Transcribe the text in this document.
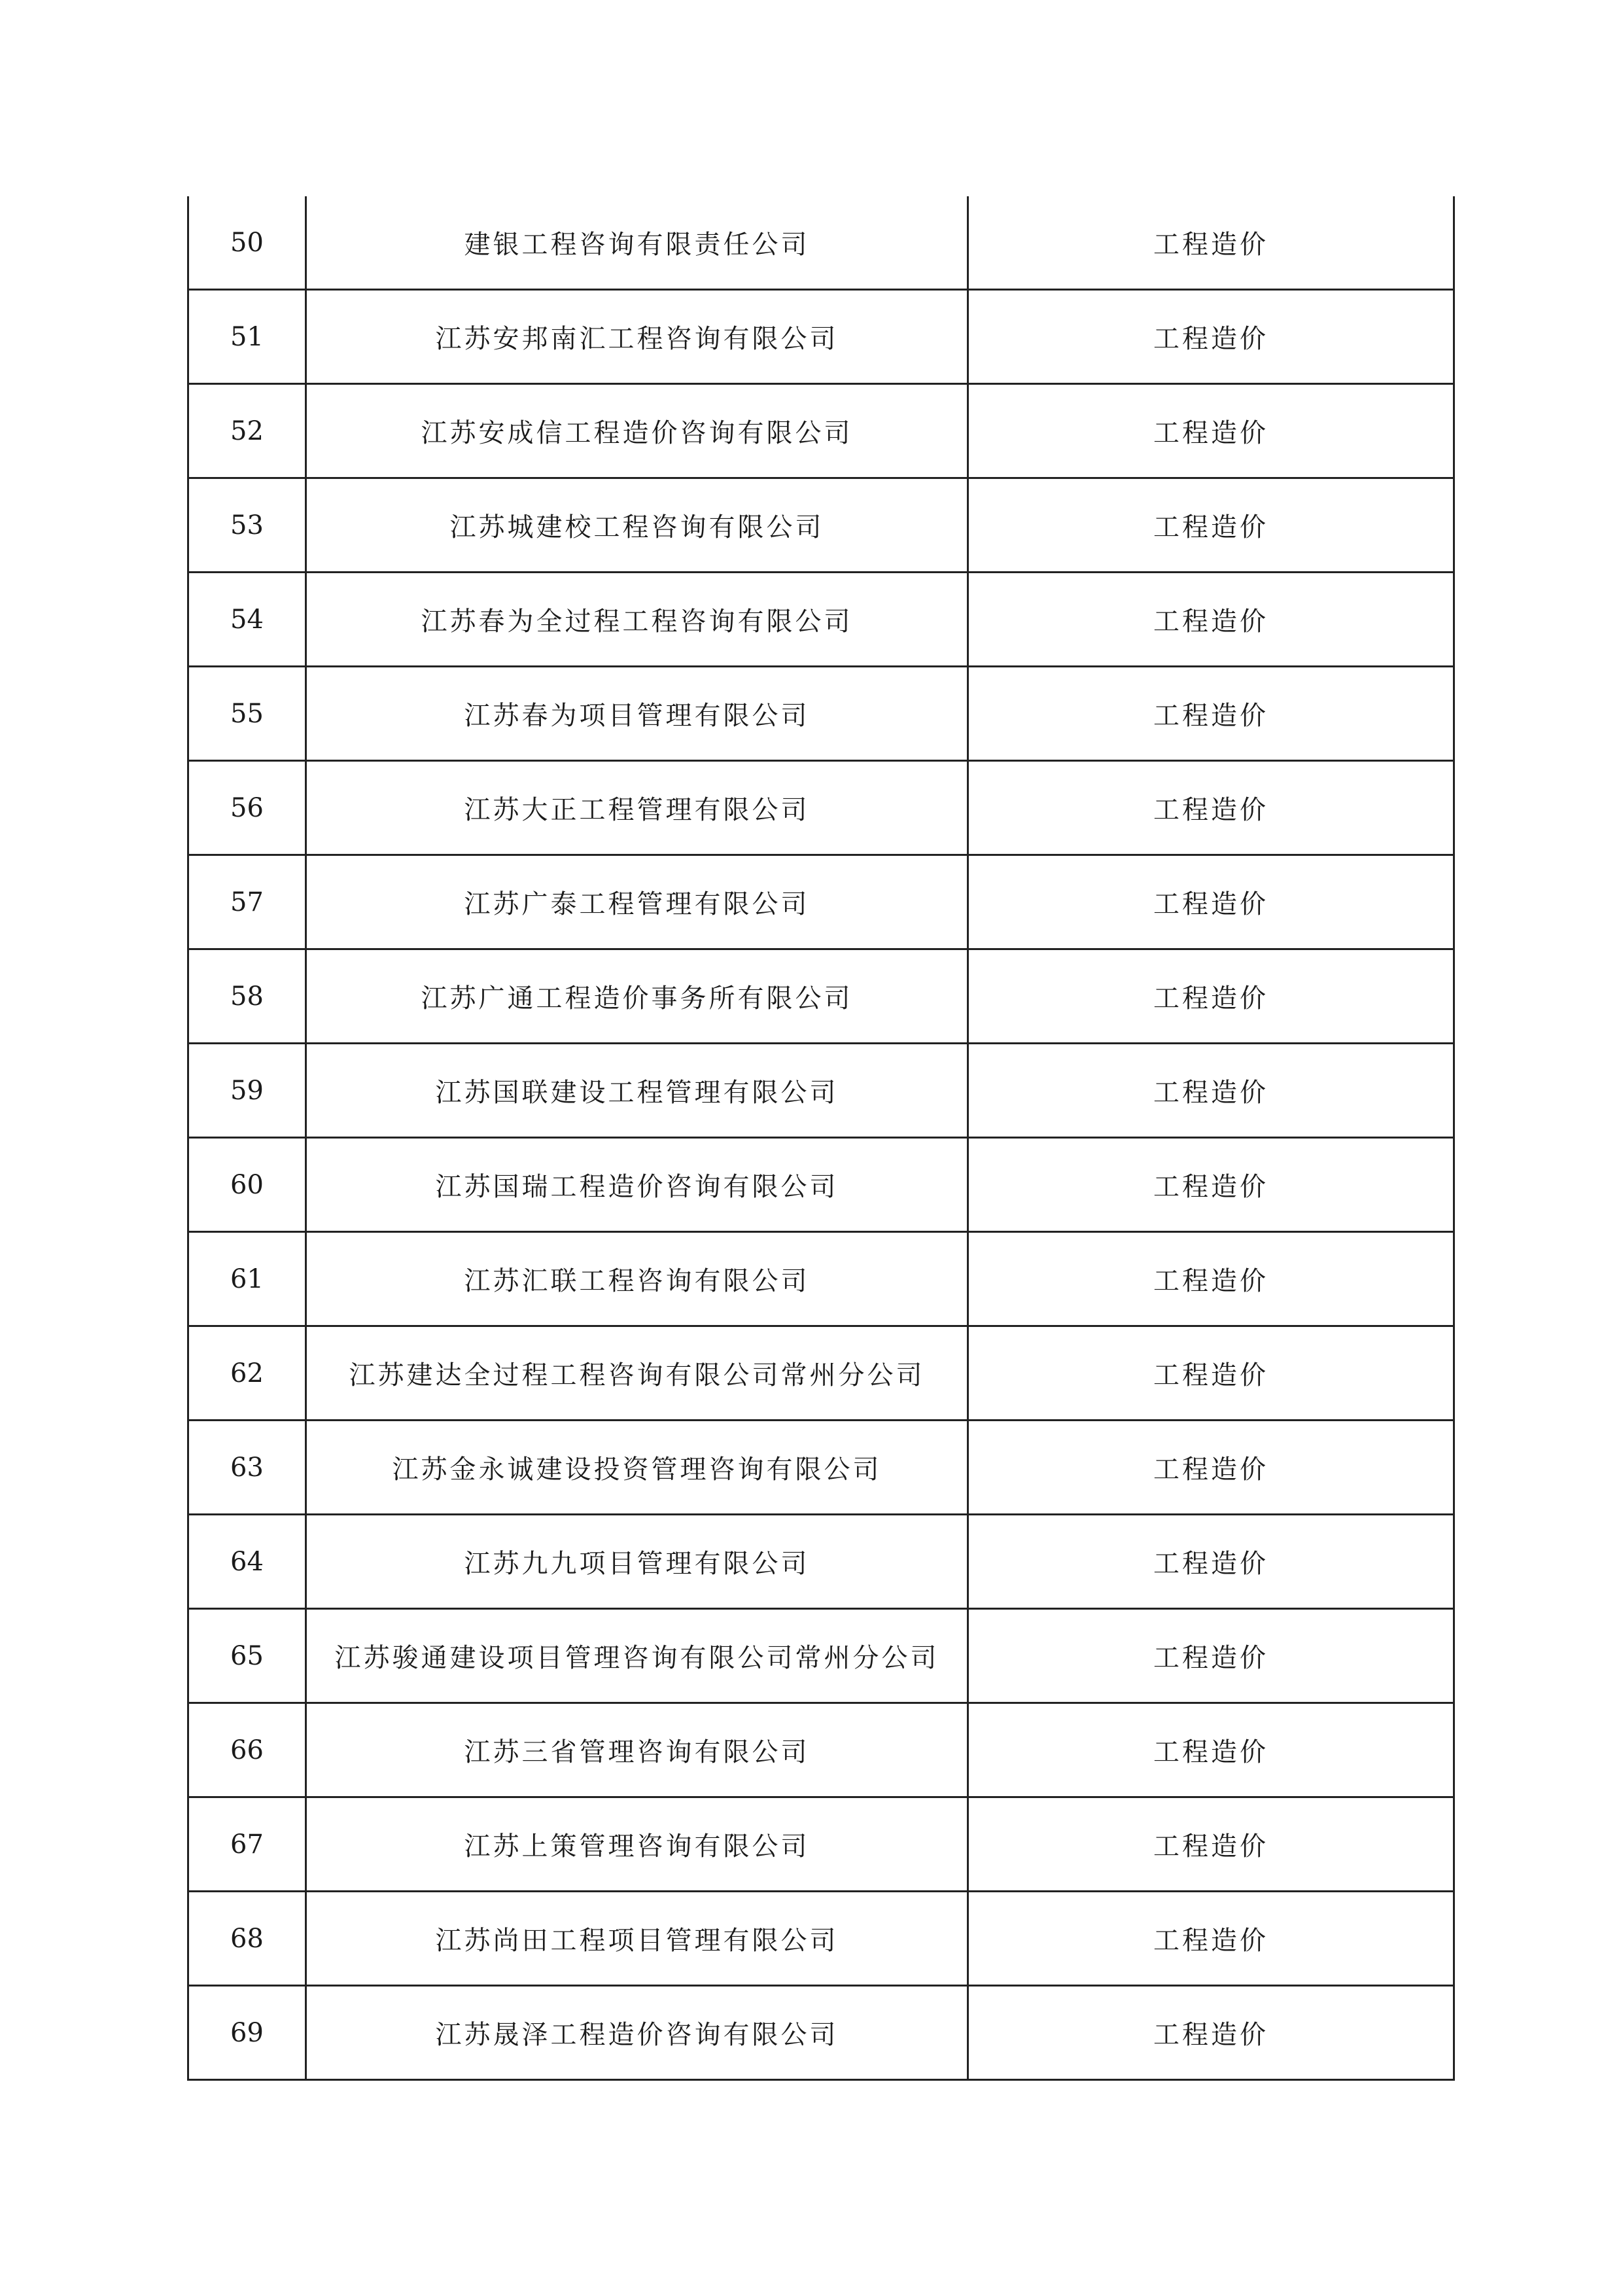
50	建银工程咨询有限责任公司	工程造价
51	江苏安邦南汇工程咨询有限公司	工程造价
52	江苏安成信工程造价咨询有限公司	工程造价
53	江苏城建校工程咨询有限公司	工程造价
54	江苏春为全过程工程咨询有限公司	工程造价
55	江苏春为项目管理有限公司	工程造价
56	江苏大正工程管理有限公司	工程造价
57	江苏广泰工程管理有限公司	工程造价
58	江苏广通工程造价事务所有限公司	工程造价
59	江苏国联建设工程管理有限公司	工程造价
60	江苏国瑞工程造价咨询有限公司	工程造价
61	江苏汇联工程咨询有限公司	工程造价
62	江苏建达全过程工程咨询有限公司常州分公司	工程造价
63	江苏金永诚建设投资管理咨询有限公司	工程造价
64	江苏九九项目管理有限公司	工程造价
65	江苏骏通建设项目管理咨询有限公司常州分公司	工程造价
66	江苏三省管理咨询有限公司	工程造价
67	江苏上策管理咨询有限公司	工程造价
68	江苏尚田工程项目管理有限公司	工程造价
69	江苏晟泽工程造价咨询有限公司	工程造价
